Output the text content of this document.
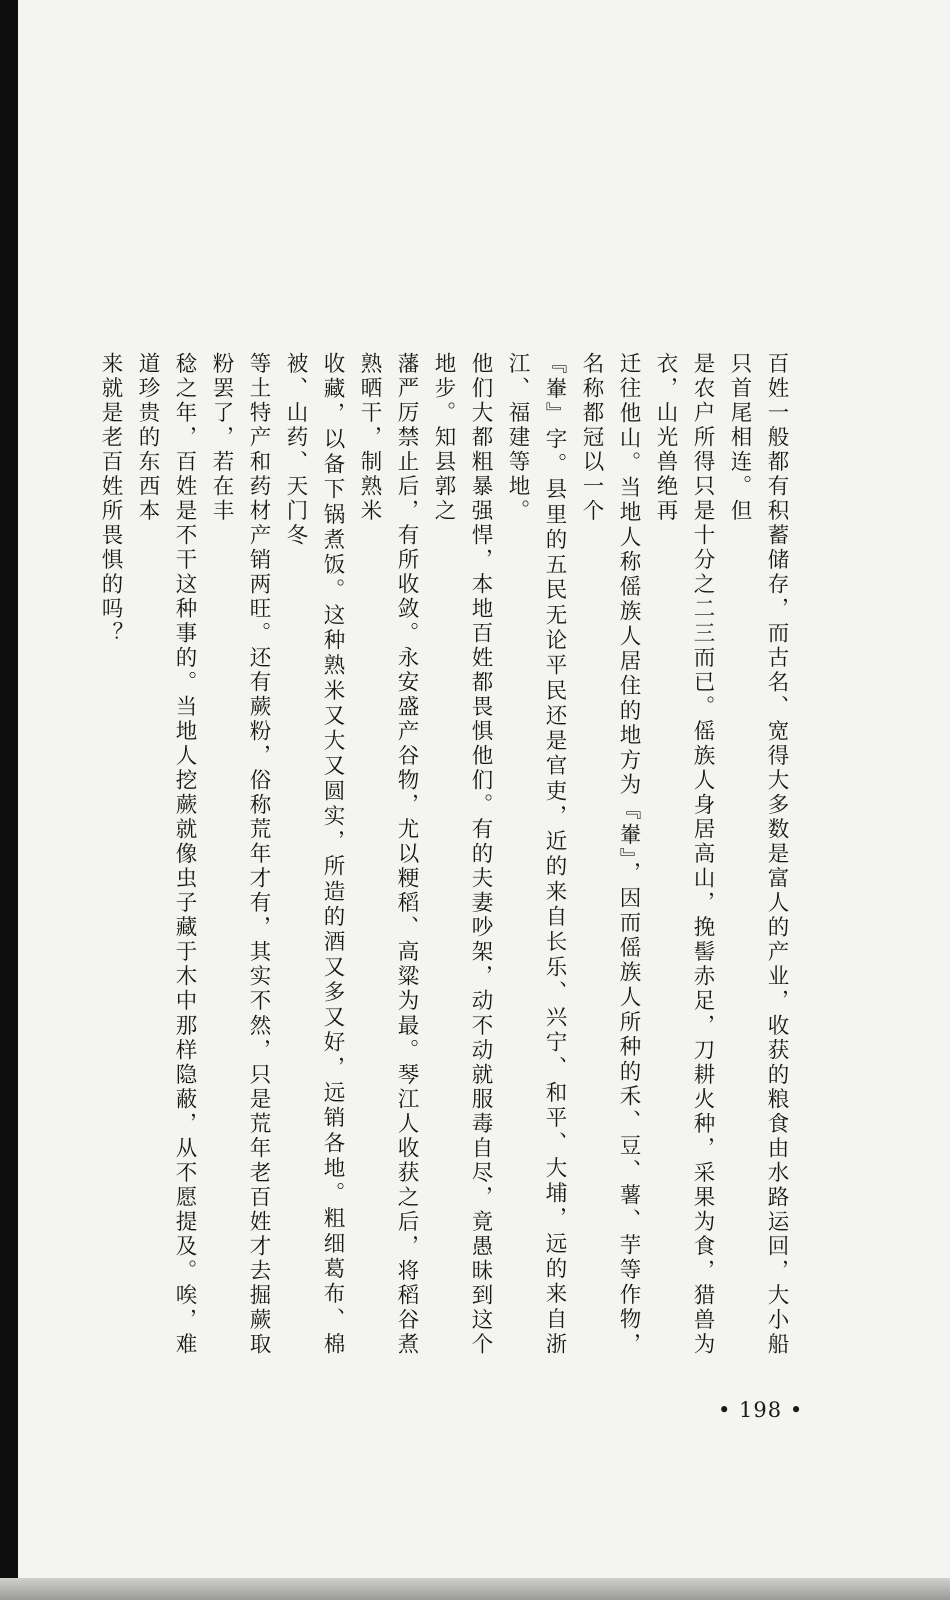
百姓一般都有积蓄储存，而古名、宽得大多数是富人的产业，收获的粮食由水路运回，大小船只首尾相连。但

是农户所得只是十分之二三而已。傜族人身居高山，挽髻赤足，刀耕火种，采果为食，猎兽为衣，山光兽绝再

迁往他山。当地人称傜族人居住的地方为『輋』，因而傜族人所种的禾、豆、薯、芋等作物，名称都冠以一个

『輋』字。县里的五民无论平民还是官吏，近的来自长乐、兴宁、和平、大埔，远的来自浙江、福建等地。

他们大都粗暴强悍，本地百姓都畏惧他们。有的夫妻吵架，动不动就服毒自尽，竟愚昧到这个地步。知县郭之

藩严厉禁止后，有所收敛。永安盛产谷物，尤以粳稻、高粱为最。琴江人收获之后，将稻谷煮熟晒干，制熟米

收藏，以备下锅煮饭。这种熟米又大又圆实，所造的酒又多又好，远销各地。粗细葛布、棉被、山药、天门冬

等土特产和药材产销两旺。还有蕨粉，俗称荒年才有，其实不然，只是荒年老百姓才去掘蕨取粉罢了，若在丰

稔之年，百姓是不干这种事的。当地人挖蕨就像虫子藏于木中那样隐蔽，从不愿提及。唉，难道珍贵的东西本

来就是老百姓所畏惧的吗？

• 198 •
